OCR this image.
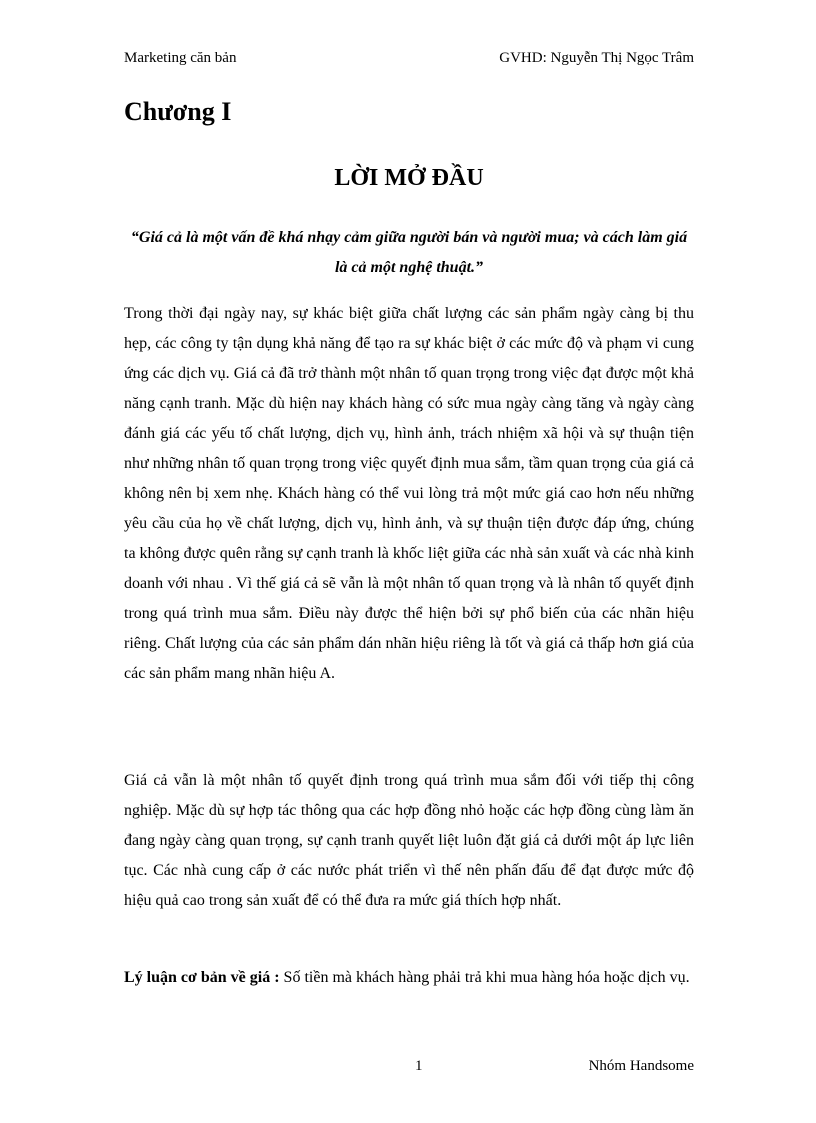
Marketing căn bản	GVHD: Nguyễn Thị Ngọc Trâm
Chương I
LỜI MỞ ĐẦU
“Giá cả là một vấn đề khá nhạy cảm giữa người bán và người mua; và cách làm giá là cả một nghệ thuật.”
Trong thời đại ngày nay, sự khác biệt giữa chất lượng các sản phẩm ngày càng bị thu hẹp, các công ty tận dụng khả năng để tạo ra sự khác biệt ở các mức độ và phạm vi cung ứng các dịch vụ. Giá cả đã trở thành một nhân tố quan trọng trong việc đạt được một khả năng cạnh tranh. Mặc dù hiện nay khách hàng có sức mua ngày càng tăng và ngày càng đánh giá các yếu tố chất lượng, dịch vụ, hình ảnh, trách nhiệm xã hội và sự thuận tiện như những nhân tố quan trọng trong việc quyết định mua sắm, tầm quan trọng của giá cả không nên bị xem nhẹ. Khách hàng có thể vui lòng trả một mức giá cao hơn nếu những yêu cầu của họ về chất lượng, dịch vụ, hình ảnh, và sự thuận tiện được đáp ứng, chúng ta không được quên rằng sự cạnh tranh là khốc liệt giữa các nhà sản xuất và các nhà kinh doanh với nhau . Vì thế giá cả sẽ vẫn là một nhân tố quan trọng và là nhân tố quyết định trong quá trình mua sắm. Điều này được thể hiện bởi sự phổ biến của các nhãn hiệu riêng. Chất lượng của các sản phẩm dán nhãn hiệu riêng là tốt và giá cả thấp hơn giá của các sản phẩm mang nhãn hiệu A.
Giá cả vẫn là một nhân tố quyết định trong quá trình mua sắm đối với tiếp thị công nghiệp. Mặc dù sự hợp tác thông qua các hợp đồng nhỏ hoặc các hợp đồng cùng làm ăn đang ngày càng quan trọng, sự cạnh tranh quyết liệt luôn đặt giá cả dưới một áp lực liên tục. Các nhà cung cấp ở các nước phát triển vì thế nên phấn đấu để đạt được mức độ hiệu quả cao trong sản xuất để có thể đưa ra mức giá thích hợp nhất.
Lý luận cơ bản về giá : Số tiền mà khách hàng phải trả khi mua hàng hóa hoặc dịch vụ.
1	Nhóm Handsome
